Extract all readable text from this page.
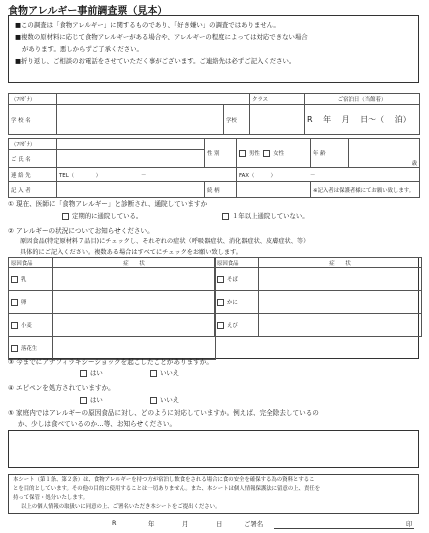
食物アレルギー事前調査票（見本）

■この調査は「食物アレルギー」に関するものであり、「好き嫌い」の調査ではありません。

■複数の原材料に応じて食物アレルギーがある場合や、アレルギーの程度によっては対応できない場合

があります。悪しからずご了承ください。

■折り返し、ご相談のお電話をさせていただく事がございます。ご連絡先は必ずご記入ください。

（ﾌﾘｶﾞﾅ）			クラス	ご宿泊日（当館着）
学 校 名		学校		R　 年　 月　 日～（　 泊）
（ﾌﾘｶﾞﾅ）		性 別	男性 女性	年 齢	歳
ご 氏 名					
連 絡 先	TEL（　　　　） －		FAX（　　　） －		
記 入 者		続 柄		※記入者は保護者様にてお願い致します。	
① 現在、医師に「食物アレルギー」と診断され、通院していますか
定期的に通院している。	１年以上通院していない。
② アレルギーの状況についてお知らせください。
原因食品(特定原材料７品目)にチェックし、それぞれの症状（呼吸器症状、消化器症状、皮膚症状、等）
具体的にご記入ください。複数ある場合はすべてにチェックをお願い致します。
原因食品	症　　状
乳	
卵	
小麦	
落花生	
原因食品	症　　状
そば	
かに	
えび	
③ 今までにアナフィラキシーショックを起こしたことがありますか。
はい	いいえ
④ エピペンを処方されていますか。
はい	いいえ
⑤ 家庭内ではアレルギーの原因食品に対し、どのように対応していますか。例えば、完全除去しているの
か、少しは食べているのか…等、お知らせください。

本シート（第１条、第２条）は、食物アレルギーを持つ方が宿泊し飲食をされる場合に食の安全を確保する為の資料とするこ

とを目的としています。その他の目的に使用することは一切ありません。また、本シートは個人情報保護法に留意の上、責任を

持って保管・処分いたします。

以上の個人情報の取扱いに同意の上、ご署名いただき本シートをご提出ください。

R	年	月	日	ご署名	印
